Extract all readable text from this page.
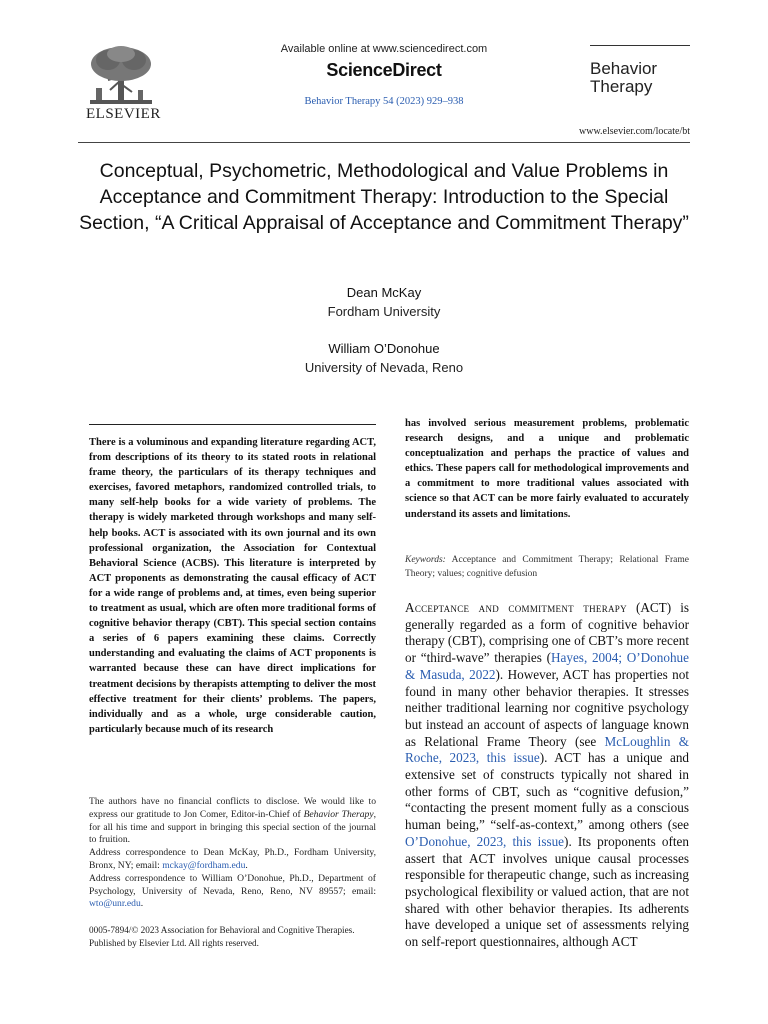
ELSEVIER
Available online at www.sciencedirect.com
ScienceDirect
Behavior Therapy 54 (2023) 929–938
Behavior Therapy
www.elsevier.com/locate/bt
Conceptual, Psychometric, Methodological and Value Problems in Acceptance and Commitment Therapy: Introduction to the Special Section, “A Critical Appraisal of Acceptance and Commitment Therapy”
Dean McKay
Fordham University
William O’Donohue
University of Nevada, Reno
There is a voluminous and expanding literature regarding ACT, from descriptions of its theory to its stated roots in relational frame theory, the particulars of its therapy techniques and exercises, favored metaphors, randomized controlled trials, to many self-help books for a wide variety of problems. The therapy is widely marketed through workshops and many self-help books. ACT is associated with its own journal and its own professional organization, the Association for Contextual Behavioral Science (ACBS). This literature is interpreted by ACT proponents as demonstrating the causal efficacy of ACT for a wide range of problems and, at times, even being superior to treatment as usual, which are often more traditional forms of cognitive behavior therapy (CBT). This special section contains a series of 6 papers examining these claims. Correctly understanding and evaluating the claims of ACT proponents is warranted because these can have direct implications for treatment decisions by therapists attempting to deliver the most effective treatment for their clients’ problems. The papers, individually and as a whole, urge considerable caution, particularly because much of its research
has involved serious measurement problems, problematic research designs, and a unique and problematic conceptualization and perhaps the practice of values and ethics. These papers call for methodological improvements and a commitment to more traditional values associated with science so that ACT can be more fairly evaluated to accurately understand its assets and limitations.
Keywords: Acceptance and Commitment Therapy; Relational Frame Theory; values; cognitive defusion
Acceptance and commitment therapy (ACT) is generally regarded as a form of cognitive behavior therapy (CBT), comprising one of CBT’s more recent or “third-wave” therapies (Hayes, 2004; O’Donohue & Masuda, 2022). However, ACT has properties not found in many other behavior therapies. It stresses neither traditional learning nor cognitive psychology but instead an account of aspects of language known as Relational Frame Theory (see McLoughlin & Roche, 2023, this issue). ACT has a unique and extensive set of constructs typically not shared in other forms of CBT, such as “cognitive defusion,” “contacting the present moment fully as a conscious human being,” “self-as-context,” among others (see O’Donohue, 2023, this issue). Its proponents often assert that ACT involves unique causal processes responsible for therapeutic change, such as increasing psychological flexibility or valued action, that are not shared with other behavior therapies. Its adherents have developed a unique set of assessments relying on self-report questionnaires, although ACT

The authors have no financial conflicts to disclose. We would like to express our gratitude to Jon Comer, Editor-in-Chief of Behavior Therapy, for all his time and support in bringing this special section of the journal to fruition.

Address correspondence to Dean McKay, Ph.D., Fordham University, Bronx, NY; email: mckay@fordham.edu.

Address correspondence to William O’Donohue, Ph.D., Department of Psychology, University of Nevada, Reno, Reno, NV 89557; email: wto@unr.edu.

0005-7894/© 2023 Association for Behavioral and Cognitive Therapies.
Published by Elsevier Ltd. All rights reserved.
